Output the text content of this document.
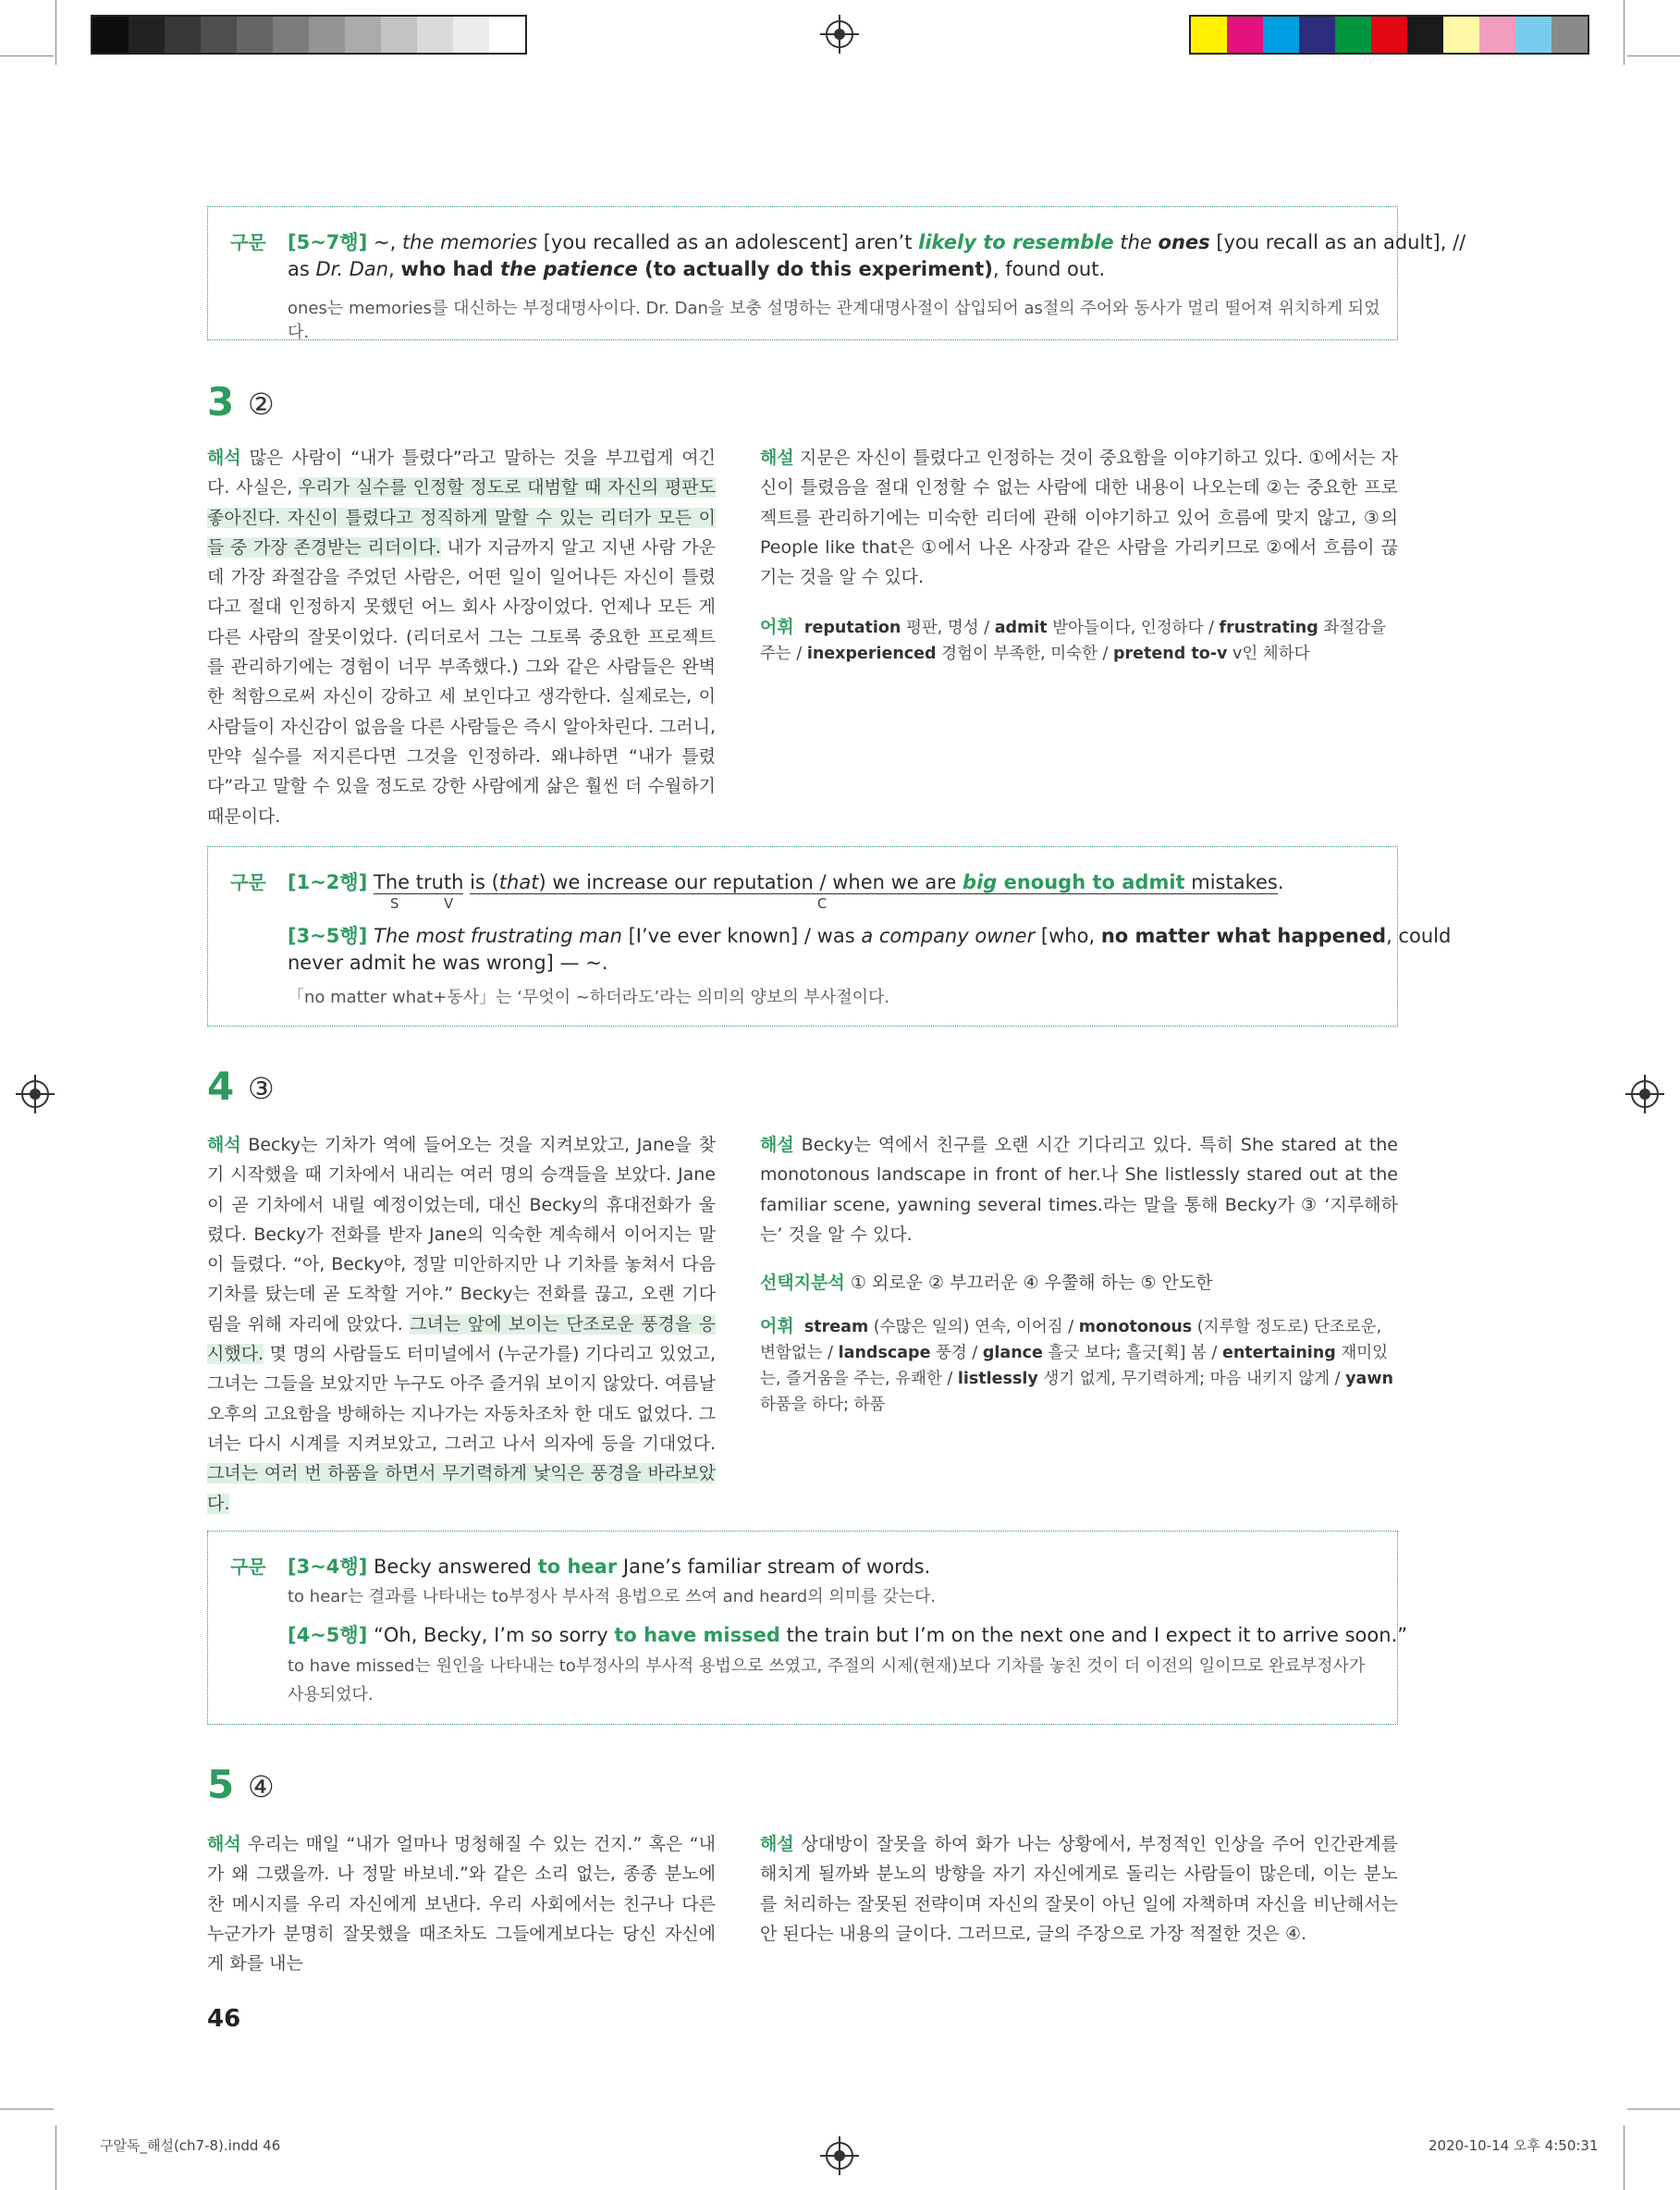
구문 [5~7행] ~, the memories [you recalled as an adolescent] aren’t likely to resemble the ones [you recall as an adult], //
as Dr. Dan, who had the patience (to actually do this experiment), found out.
ones는 memories를 대신하는 부정대명사이다. Dr. Dan을 보충 설명하는 관계대명사절이 삽입되어 as절의 주어와 동사가 멀리 떨어져 위치하게 되었다.
3 ②
해석 많은 사람이 “내가 틀렸다”라고 말하는 것을 부끄럽게 여긴다. 사실은, 우리가 실수를 인정할 정도로 대범할 때 자신의 평판도 좋아진다. 자신이 틀렸다고 정직하게 말할 수 있는 리더가 모든 이들 중 가장 존경받는 리더이다. 내가 지금까지 알고 지낸 사람 가운데 가장 좌절감을 주었던 사람은, 어떤 일이 일어나든 자신이 틀렸다고 절대 인정하지 못했던 어느 회사 사장이었다. 언제나 모든 게 다른 사람의 잘못이었다. (리더로서 그는 그토록 중요한 프로젝트를 관리하기에는 경험이 너무 부족했다.) 그와 같은 사람들은 완벽한 척함으로써 자신이 강하고 세 보인다고 생각한다. 실제로는, 이 사람들이 자신감이 없음을 다른 사람들은 즉시 알아차린다. 그러니, 만약 실수를 저지른다면 그것을 인정하라. 왜냐하면 “내가 틀렸다”라고 말할 수 있을 정도로 강한 사람에게 삶은 훨씬 더 수월하기 때문이다.
해설 지문은 자신이 틀렸다고 인정하는 것이 중요함을 이야기하고 있다. ①에서는 자신이 틀렸음을 절대 인정할 수 없는 사람에 대한 내용이 나오는데 ②는 중요한 프로젝트를 관리하기에는 미숙한 리더에 관해 이야기하고 있어 흐름에 맞지 않고, ③의 People like that은 ①에서 나온 사장과 같은 사람을 가리키므로 ②에서 흐름이 끊기는 것을 알 수 있다.
어휘 reputation 평판, 명성 / admit 받아들이다, 인정하다 / frustrating 좌절감을 주는 / inexperienced 경험이 부족한, 미숙한 / pretend to-v v인 체하다
구문 [1~2행] The truth is (that) we increase our reputation / when we are big enough to admit mistakes.
S	V	C
[3~5행] The most frustrating man [I’ve ever known] / was a company owner [who, no matter what happened, could
never admit he was wrong] — ~.
「no matter what+동사」는 ‘무엇이 ~하더라도’라는 의미의 양보의 부사절이다.
4 ③
해석 Becky는 기차가 역에 들어오는 것을 지켜보았고, Jane을 찾기 시작했을 때 기차에서 내리는 여러 명의 승객들을 보았다. Jane이 곧 기차에서 내릴 예정이었는데, 대신 Becky의 휴대전화가 울렸다. Becky가 전화를 받자 Jane의 익숙한 계속해서 이어지는 말이 들렸다. “아, Becky야, 정말 미안하지만 나 기차를 놓쳐서 다음 기차를 탔는데 곧 도착할 거야.” Becky는 전화를 끊고, 오랜 기다림을 위해 자리에 앉았다. 그녀는 앞에 보이는 단조로운 풍경을 응시했다. 몇 명의 사람들도 터미널에서 (누군가를) 기다리고 있었고, 그녀는 그들을 보았지만 누구도 아주 즐거워 보이지 않았다. 여름날 오후의 고요함을 방해하는 지나가는 자동차조차 한 대도 없었다. 그녀는 다시 시계를 지켜보았고, 그러고 나서 의자에 등을 기대었다. 그녀는 여러 번 하품을 하면서 무기력하게 낯익은 풍경을 바라보았다.
해설 Becky는 역에서 친구를 오랜 시간 기다리고 있다. 특히 She stared at the monotonous landscape in front of her.나 She listlessly stared out at the familiar scene, yawning several times.라는 말을 통해 Becky가 ③ ‘지루해하는’ 것을 알 수 있다.
선택지분석 ① 외로운 ② 부끄러운 ④ 우쭐해 하는 ⑤ 안도한
어휘 stream (수많은 일의) 연속, 이어짐 / monotonous (지루할 정도로) 단조로운, 변함없는 / landscape 풍경 / glance 흘긋 보다; 흘긋[휙] 봄 / entertaining 재미있는, 즐거움을 주는, 유쾌한 / listlessly 생기 없게, 무기력하게; 마음 내키지 않게 / yawn 하품을 하다; 하품
구문 [3~4행] Becky answered to hear Jane’s familiar stream of words.
to hear는 결과를 나타내는 to부정사 부사적 용법으로 쓰여 and heard의 의미를 갖는다.
[4~5행] “Oh, Becky, I’m so sorry to have missed the train but I’m on the next one and I expect it to arrive soon.”
to have missed는 원인을 나타내는 to부정사의 부사적 용법으로 쓰였고, 주절의 시제(현재)보다 기차를 놓친 것이 더 이전의 일이므로 완료부정사가 사용되었다.
5 ④
해석 우리는 매일 “내가 얼마나 멍청해질 수 있는 건지.” 혹은 “내가 왜 그랬을까. 나 정말 바보네.”와 같은 소리 없는, 종종 분노에 찬 메시지를 우리 자신에게 보낸다. 우리 사회에서는 친구나 다른 누군가가 분명히 잘못했을 때조차도 그들에게보다는 당신 자신에게 화를 내는
해설 상대방이 잘못을 하여 화가 나는 상황에서, 부정적인 인상을 주어 인간관계를 해치게 될까봐 분노의 방향을 자기 자신에게로 돌리는 사람들이 많은데, 이는 분노를 처리하는 잘못된 전략이며 자신의 잘못이 아닌 일에 자책하며 자신을 비난해서는 안 된다는 내용의 글이다. 그러므로, 글의 주장으로 가장 적절한 것은 ④.
46
구알독_해설(ch7-8).indd 46	2020-10-14 오후 4:50:31
